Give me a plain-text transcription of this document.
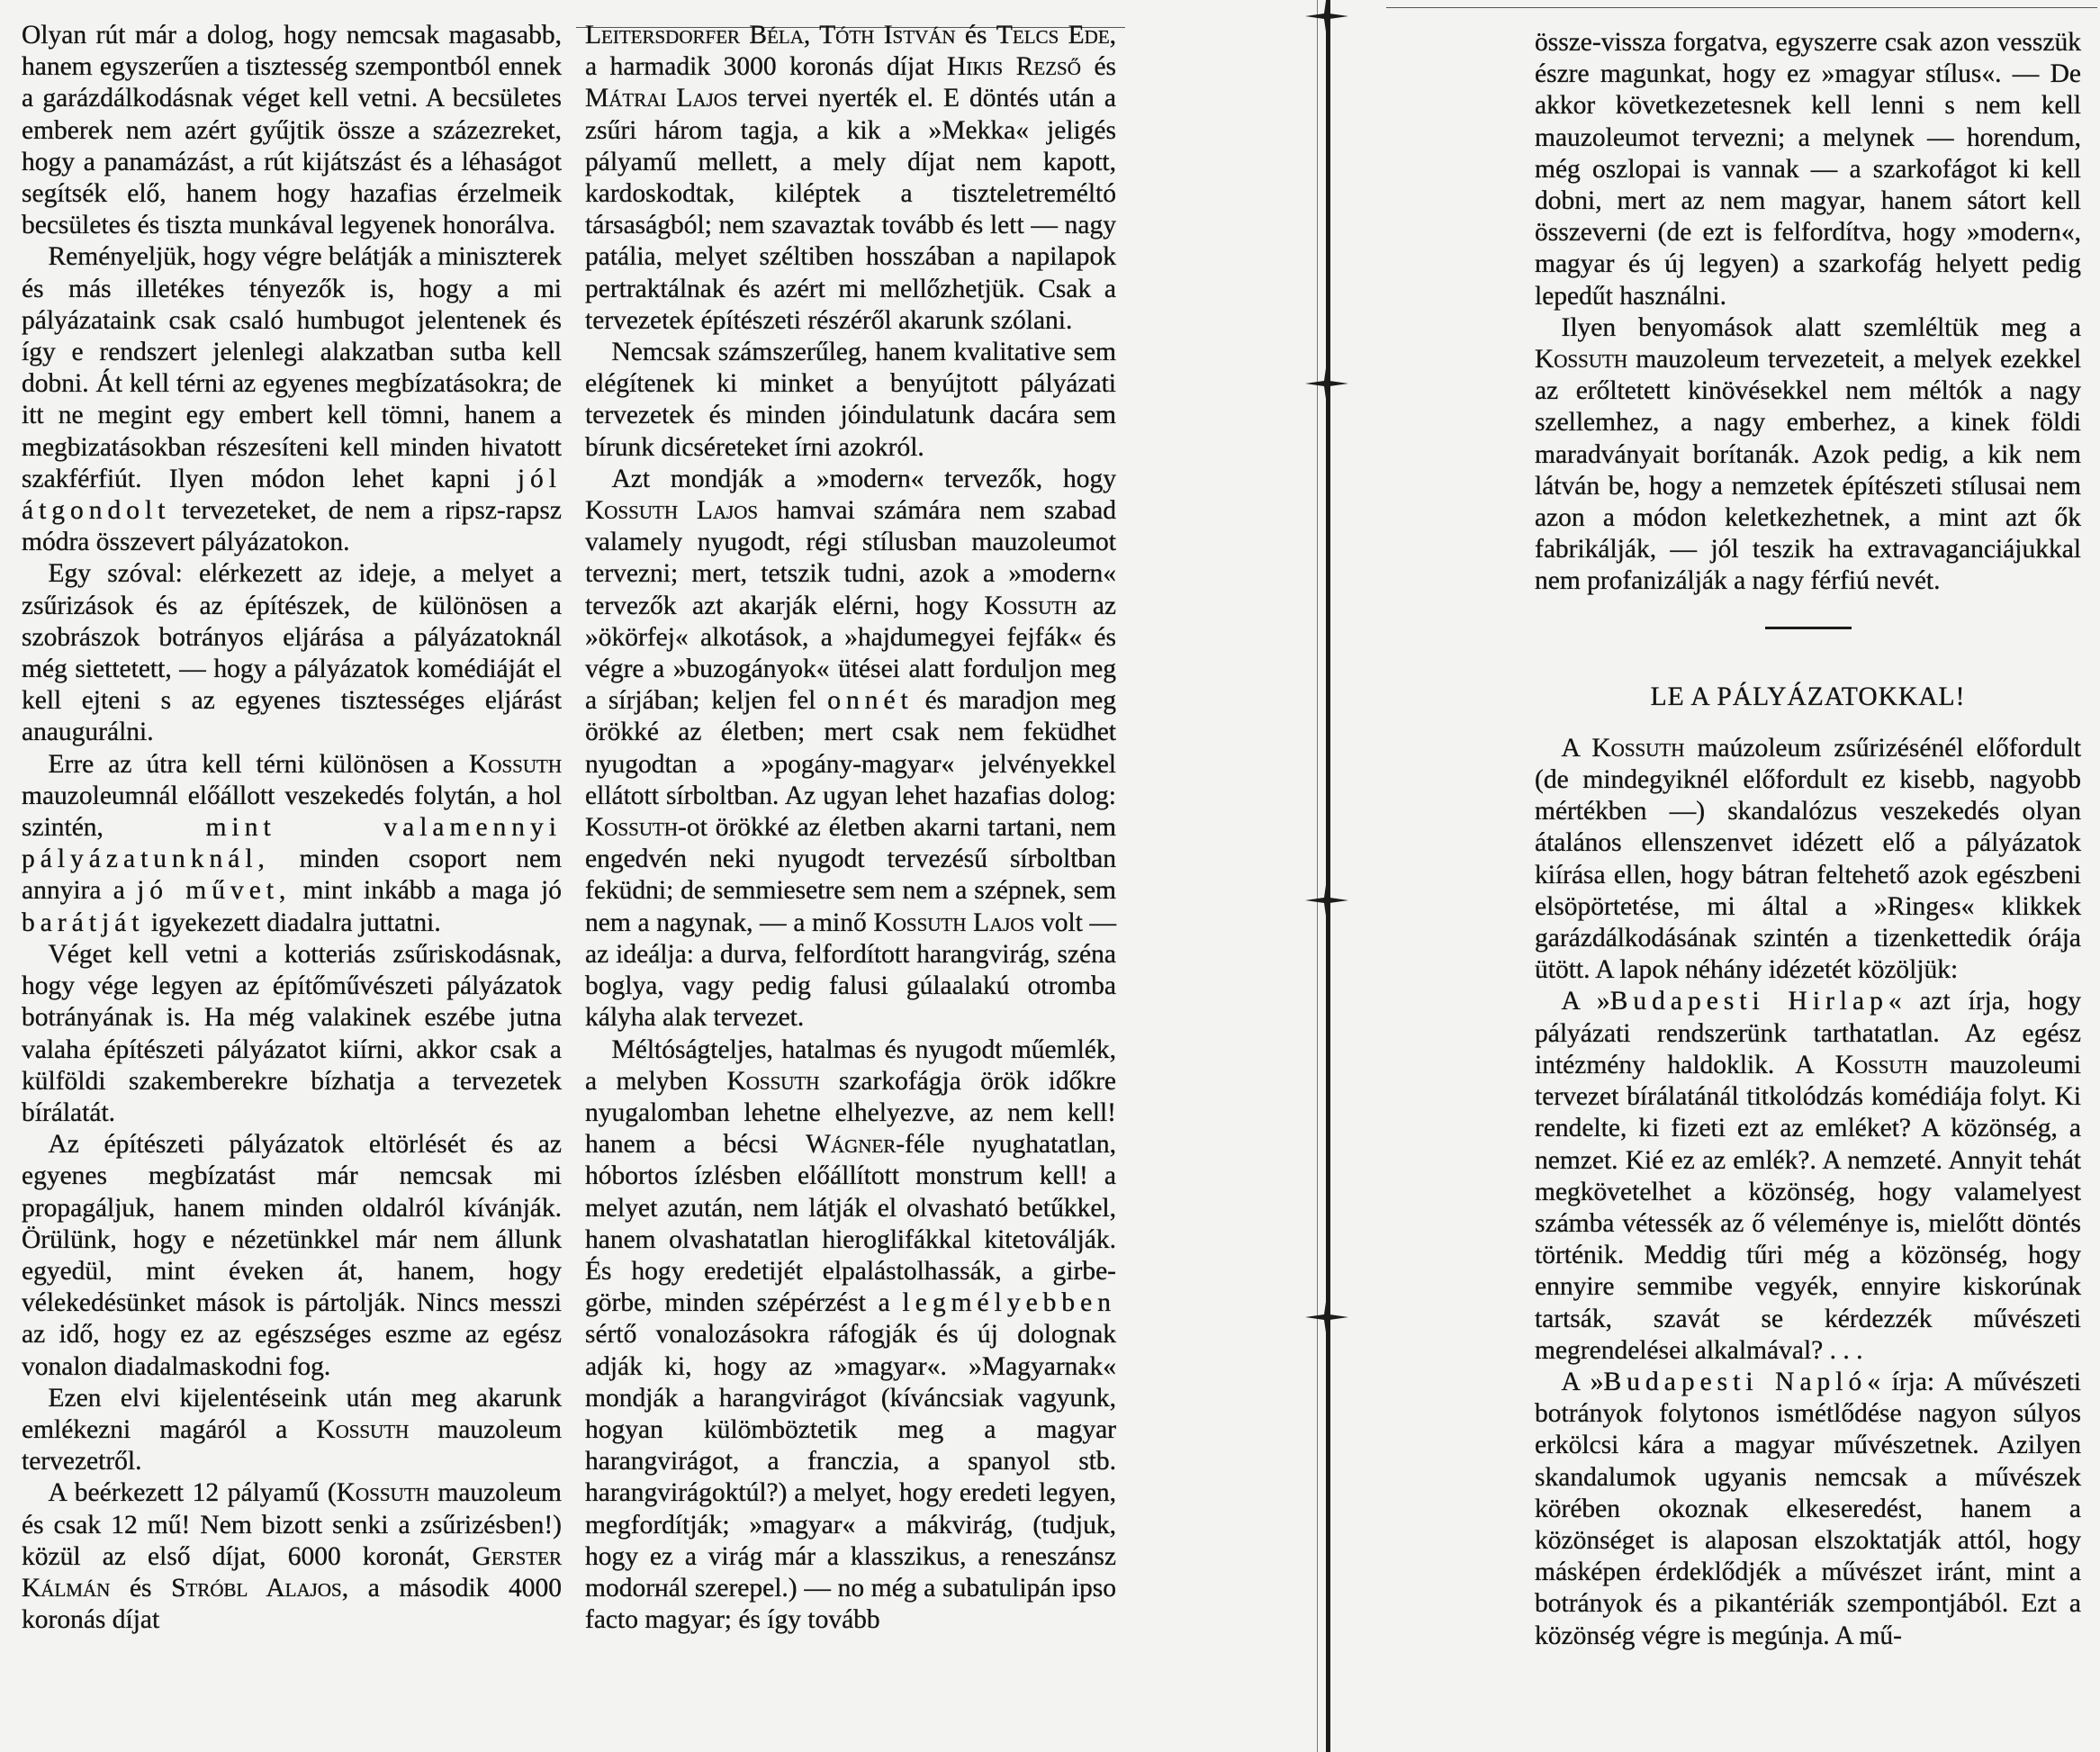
Olyan rút már a dolog, hogy nemcsak magasabb, hanem egyszerűen a tisztesség szempontból ennek a garázdálkodásnak véget kell vetni. A becsületes emberek nem azért gyűjtik össze a százezreket, hogy a panamázást, a rút kijátszást és a léhaságot segítsék elő, hanem hogy hazafias érzelmeik becsületes és tiszta munkával legyenek honorálva.

 Reményeljük, hogy végre belátják a miniszterek és más illetékes tényezők is, hogy a mi pályázataink csak csaló humbugot jelentenek és így e rendszert jelenlegi alakzatban sutba kell dobni. Át kell térni az egyenes megbízatásokra; de itt ne megint egy embert kell tömni, hanem a megbizatásokban részesíteni kell minden hivatott szakférfiút. Ilyen módon lehet kapni jól átgondolt tervezeteket, de nem a ripsz-rapsz módra összevert pályázatokon.

 Egy szóval: elérkezett az ideje, a melyet a zsűrizások és az építészek, de különösen a szobrászok botrányos eljárása a pályázatoknál még siettetett, — hogy a pályázatok komédiáját el kell ejteni s az egyenes tisztességes eljárást anaugurálni.

 Erre az útra kell térni különösen a Kossuth mauzoleumnál előállott veszekedés folytán, a hol szintén,	mint valamennyi pályázatunknál, minden csoport nem annyira a jó művet, mint inkább a maga jó barátját igyekezett diadalra juttatni.

 Véget kell vetni a kotteriás zsűriskodásnak, hogy vége legyen az építőművészeti pályázatok botrányának is. Ha még valakinek eszébe jutna valaha építészeti pályázatot kiírni, akkor csak a külföldi szakemberekre bízhatja a tervezetek bírálatát.

 Az építészeti pályázatok eltörlését és az egyenes megbízatást már nemcsak mi propagáljuk, hanem minden oldalról kívánják. Örülünk, hogy e nézetünkkel már nem állunk egyedül, mint éveken át, hanem, hogy vélekedésünket mások is pártolják. Nincs messzi az idő, hogy ez az egészséges eszme az egész vonalon diadalmaskodni fog.

 Ezen elvi kijelentéseink után meg akarunk emlékezni magáról a Kossuth mauzoleum tervezetről.

 A beérkezett 12 pályamű (Kossuth mauzoleum és csak 12 mű! Nem bizott senki a zsűrizésben!) közül az első díjat, 6000 koronát, Gerster Kálmán és Stróbl Alajos, a második 4000 koronás díjat

Leitersdorfer Béla, Tóth István és Telcs Ede, a harmadik 3000 koronás díjat Hikis Rezső és Mátrai Lajos tervei nyerték el. E döntés után a zsűri három tagja, a kik a »Mekka« jeligés pályamű mellett, a mely díjat nem kapott, kardoskodtak, kiléptek a tiszteletreméltó társaságból; nem szavaztak tovább és lett — nagy patália, melyet széltiben hosszában a napilapok pertraktálnak és azért mi mellőzhetjük. Csak a tervezetek építészeti részéről akarunk szólani.

 Nemcsak számszerűleg, hanem kvalitative sem elégítenek ki minket a benyújtott pályázati tervezetek és minden jóindulatunk dacára sem bírunk dicséreteket írni azokról.

 Azt mondják a »modern« tervezők, hogy Kossuth Lajos hamvai számára nem szabad valamely nyugodt, régi stílusban mauzoleumot tervezni; mert, tetszik tudni, azok a »modern« tervezők azt akarják elérni, hogy Kossuth az »ökörfej« alkotások, a »hajdumegyei fejfák« és végre a »buzogányok« ütései alatt forduljon meg a sírjában; keljen fel onnét és maradjon meg örökké az életben; mert csak nem feküdhet nyugodtan a »pogány-magyar« jelvényekkel ellátott sírboltban. Az ugyan lehet hazafias dolog: Kossuth-ot örökké az életben akarni tartani, nem engedvén neki nyugodt tervezésű sírboltban feküdni; de semmiesetre sem nem a szépnek, sem nem a nagynak, — a minő Kossuth Lajos volt — az ideálja: a durva, felfordított harangvirág, széna boglya, vagy pedig falusi gúlaalakú otromba kályha alak tervezet.

 Méltóságteljes, hatalmas és nyugodt műemlék, a melyben Kossuth szarkofágja örök időkre nyugalomban lehetne elhelyezve, az nem kell! hanem a bécsi Wágner-féle nyughatatlan, hóbortos ízlésben előállított monstrum kell! a melyet azután, nem látják el olvasható betűkkel, hanem olvashatatlan hieroglifákkal kitetoválják. És hogy eredetijét elpalástolhassák, a girbe-görbe, minden szépérzést a legmélyebben sértő vonalozásokra ráfogják és új dolognak adják ki, hogy az »magyar«. »Magyarnak« mondják a harangvirágot (kíváncsiak vagyunk, hogyan külömböztetik meg a magyar harangvirágot, a franczia, a spanyol stb. harangvirágoktúl?) a melyet, hogy eredeti legyen, megfordítják; »magyar« a mákvirág, (tudjuk, hogy ez a virág már a klasszikus, a reneszánsz modorнál szerepel.) — no még a subatulipán ipso facto magyar; és így tovább

össze-vissza forgatva, egyszerre csak azon vesszük észre magunkat, hogy ez »magyar stílus«. — De akkor következetesnek kell lenni s nem kell mauzoleumot tervezni; a melynek — horendum, még oszlopai is vannak — a szarkofágot ki kell dobni, mert az nem magyar, hanem sátort kell összeverni (de ezt is felfordítva, hogy »modern«, magyar és új legyen) a szarkofág helyett pedig lepedűt használni.

 Ilyen benyomások alatt szemléltük meg a Kossuth mauzoleum tervezeteit, a melyek ezekkel az erőltetett kinövésekkel nem méltók a nagy szellemhez, a nagy emberhez, a kinek földi maradványait borítanák. Azok pedig, a kik nem látván be, hogy a nemzetek építészeti stílusai nem azon a módon keletkezhetnek, a mint azt ők fabrikálják, — jól teszik ha extravaganciájukkal nem profanizálják a nagy férfiú nevét.

LE A PÁLYÁZATOKKAL!

 A Kossuth maúzoleum zsűrizésénél előfordult (de mindegyiknél előfordult ez kisebb, nagyobb mértékben —) skandalózus veszekedés olyan átalános ellenszenvet idézett elő a pályázatok kiírása ellen, hogy bátran feltehető azok egészbeni elsöpörtetése, mi által a »Ringes« klikkek garázdálkodásának szintén a tizenkettedik órája ütött. A lapok néhány idézetét közöljük:

 A »Budapesti Hirlap« azt írja, hogy pályázati rendszerünk tarthatatlan. Az egész intézmény haldoklik. A Kossuth mauzoleumi tervezet bírálatánál titkolódzás komédiája folyt. Ki rendelte, ki fizeti ezt az emléket? A közönség, a nemzet. Kié ez az emlék?. A nemzeté. Annyit tehát megkövetelhet a közönség, hogy valamelyest számba vétessék az ő véleménye is, mielőtt döntés történik. Meddig tűri még a közönség, hogy ennyire semmibe vegyék, ennyire kiskorúnak tartsák, szavát se kérdezzék művészeti megrendelései alkalmával? . . .

 A »Budapesti Napló« írja: A művészeti botrányok folytonos ismétlődése nagyon súlyos erkölcsi kára a magyar művészetnek. Azilyen skandalumok ugyanis nemcsak a művészek körében okoznak elkeseredést, hanem a közönséget is alaposan elszoktatják attól, hogy másképen érdeklődjék a művészet iránt, mint a botrányok és a pikantériák szempontjából. Ezt a közönség végre is megúnja. A mű-
